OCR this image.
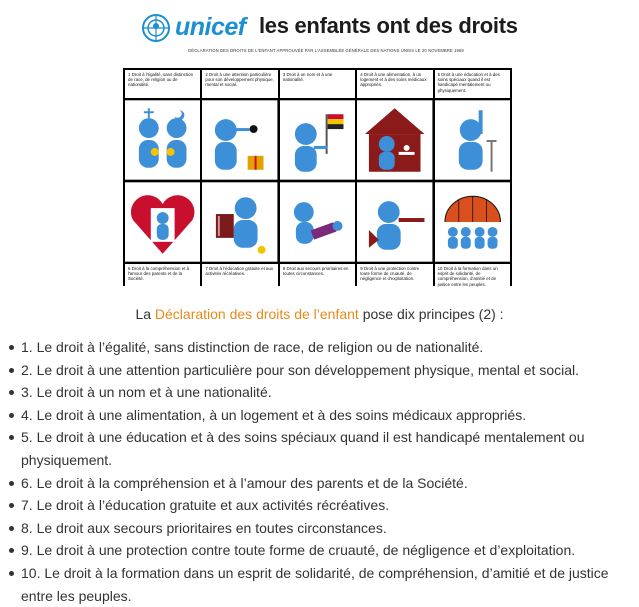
unicef les enfants ont des droits
DÉCLARATION DES DROITS DE L'ENFANT APPROUVÉE PAR L'ASSEMBLÉE GÉNÉRALE DES NATIONS UNIES LE 20 NOVEMBRE 1959
1 Droit à l'égalité, sans distinction de race, de religion ou de nationalité.
2 Droit à une attention particulière pour son développement physique, mental et social.
3 Droit à un nom et à une nationalité.
4 Droit à une alimentation, à un logement et à des soins médicaux appropriés.
5 Droit à une éducation et à des soins spéciaux quand il est handicapé mentalement ou physiquement.
6 Droit à la compréhension et à l'amour des parents et de la Société.
7 Droit à l'éducation gratuite et aux activités récréatives.
8 Droit aux secours prioritaires en toutes circonstances.
9 Droit à une protection contre toute forme de cruauté, de négligence et d'exploitation.
10 Droit à la formation dans un esprit de solidarité, de compréhension, d'amitié et de justice entre les peuples.
La Déclaration des droits de l’enfant pose dix principes (2) :
1. Le droit à l’égalité, sans distinction de race, de religion ou de nationalité.
2. Le droit à une attention particulière pour son développement physique, mental et social.
3. Le droit à un nom et à une nationalité.
4. Le droit à une alimentation, à un logement et à des soins médicaux appropriés.
5. Le droit à une éducation et à des soins spéciaux quand il est handicapé mentalement ou physiquement.
6. Le droit à la compréhension et à l’amour des parents et de la Société.
7. Le droit à l’éducation gratuite et aux activités récréatives.
8. Le droit aux secours prioritaires en toutes circonstances.
9. Le droit à une protection contre toute forme de cruauté, de négligence et d’exploitation.
10. Le droit à la formation dans un esprit de solidarité, de compréhension, d’amitié et de justice entre les peuples.
